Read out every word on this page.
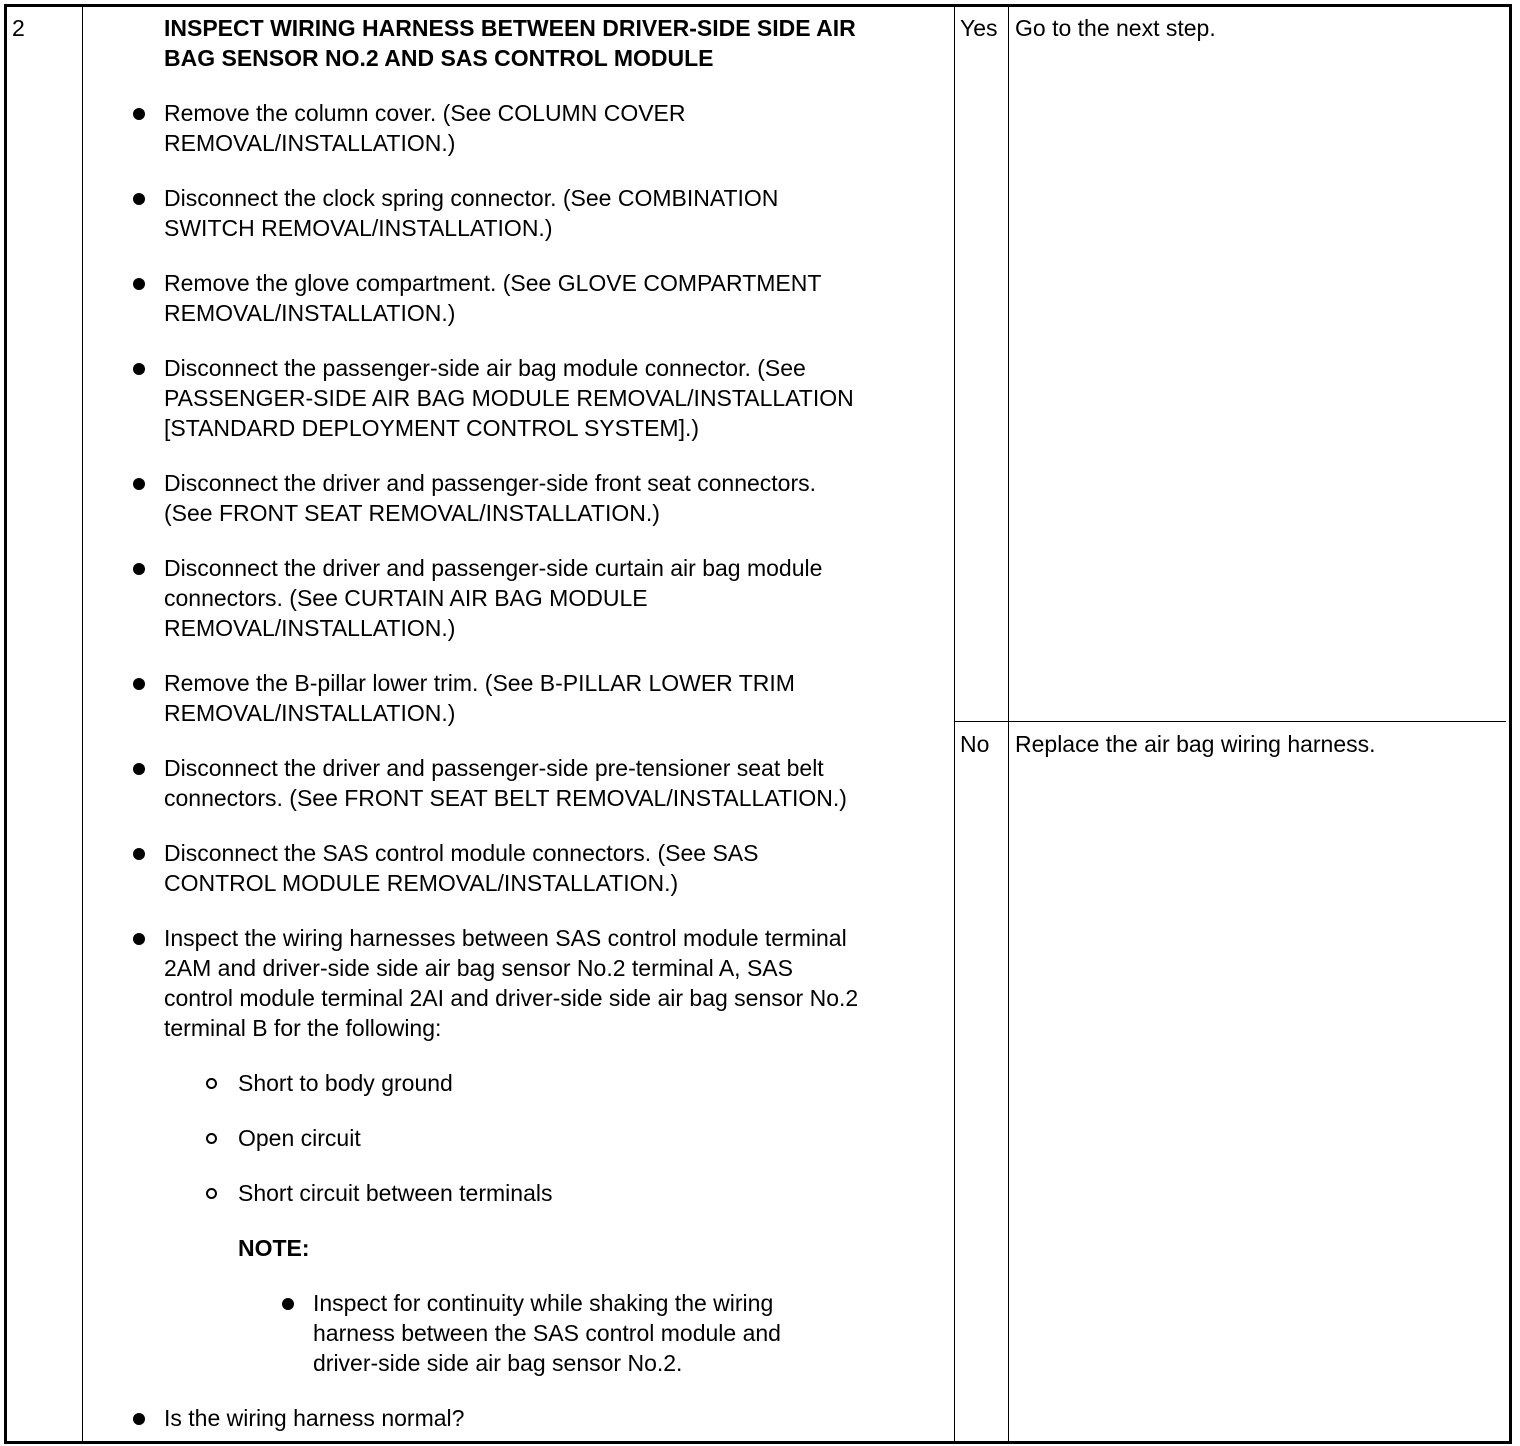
2	INSPECT WIRING HARNESS BETWEEN DRIVER-SIDE SIDE AIR
BAG SENSOR NO.2 AND SAS CONTROL MODULE
Remove the column cover. (See COLUMN COVER
REMOVAL/INSTALLATION.)
Disconnect the clock spring connector. (See COMBINATION
SWITCH REMOVAL/INSTALLATION.)
Remove the glove compartment. (See GLOVE COMPARTMENT
REMOVAL/INSTALLATION.)
Disconnect the passenger-side air bag module connector. (See
PASSENGER-SIDE AIR BAG MODULE REMOVAL/INSTALLATION
[STANDARD DEPLOYMENT CONTROL SYSTEM].)
Disconnect the driver and passenger-side front seat connectors.
(See FRONT SEAT REMOVAL/INSTALLATION.)
Disconnect the driver and passenger-side curtain air bag module
connectors. (See CURTAIN AIR BAG MODULE
REMOVAL/INSTALLATION.)
Remove the B-pillar lower trim. (See B-PILLAR LOWER TRIM
REMOVAL/INSTALLATION.)
Disconnect the driver and passenger-side pre-tensioner seat belt
connectors. (See FRONT SEAT BELT REMOVAL/INSTALLATION.)
Disconnect the SAS control module connectors. (See SAS
CONTROL MODULE REMOVAL/INSTALLATION.)
Inspect the wiring harnesses between SAS control module terminal
2AM and driver-side side air bag sensor No.2 terminal A, SAS
control module terminal 2AI and driver-side side air bag sensor No.2
terminal B for the following:
Short to body ground
Open circuit
Short circuit between terminals
NOTE:
Inspect for continuity while shaking the wiring
harness between the SAS control module and
driver-side side air bag sensor No.2.
Is the wiring harness normal?
Yes Go to the next step.
No Replace the air bag wiring harness.
